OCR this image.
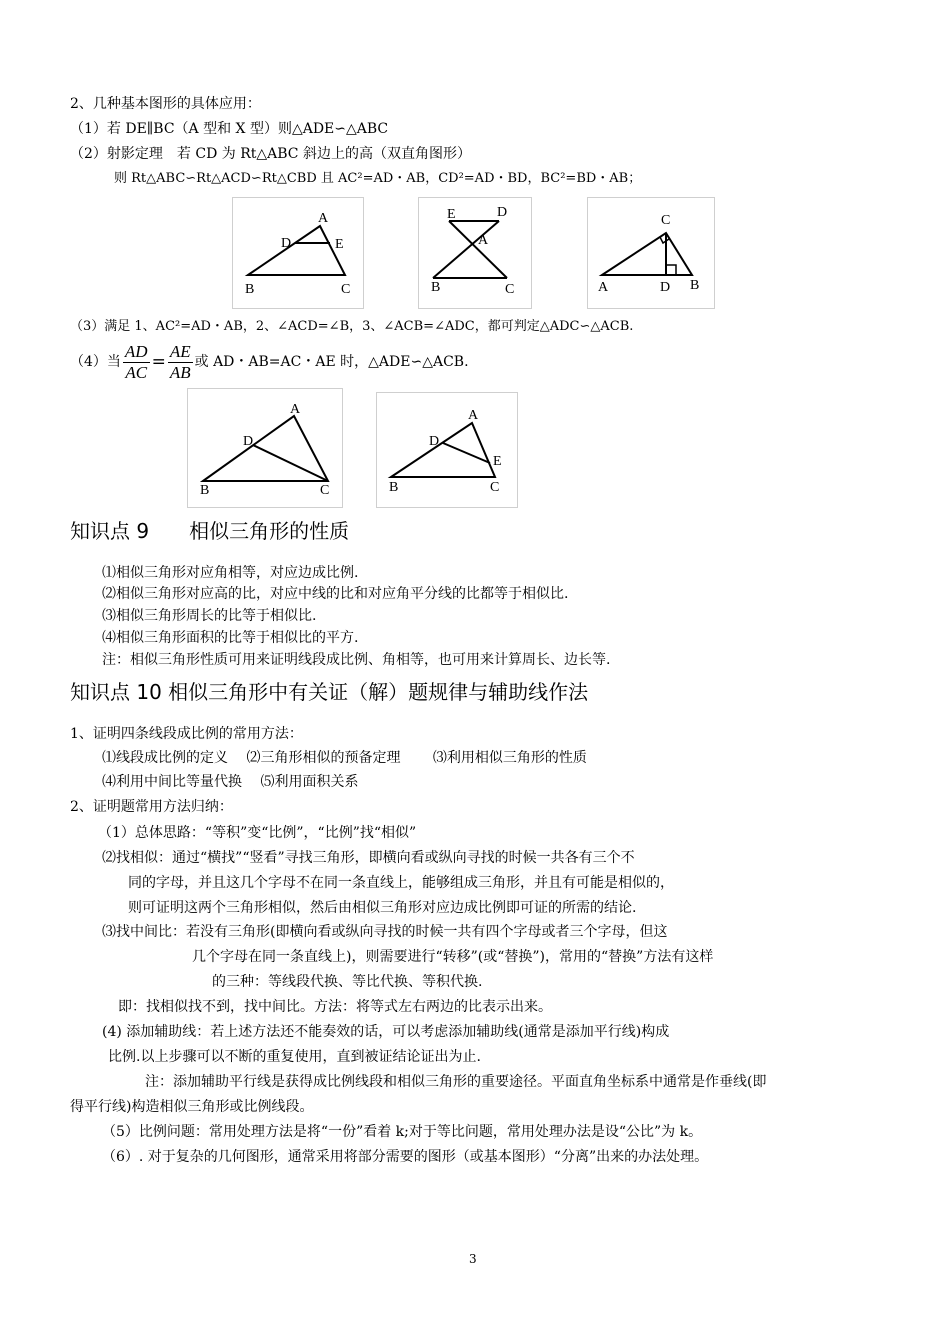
2、几种基本图形的具体应用：
（1）若 DE∥BC（A 型和 X 型）则△ADE∽△ABC
（2）射影定理　若 CD 为 Rt△ABC 斜边上的高（双直角图形）
则 Rt△ABC∽Rt△ACD∽Rt△CBD 且 AC²=AD・AB，CD²=AD・BD，BC²=BD・AB；
A
D	E
B	C
E	D
A
B	C
C
A	D B
（3）满足 1、AC²=AD・AB，2、∠ACD=∠B，3、∠ACB=∠ADC，都可判定△ADC∽△ACB.
（4）当 $\frac{AD}{AC} = \frac{AE}{AB}$ 或 AD・AB=AC・AE 时，△ADE∽△ACB.
A
D
B	C
A
D
E
B	C
知识点 9　　相似三角形的性质
⑴相似三角形对应角相等，对应边成比例.
⑵相似三角形对应高的比，对应中线的比和对应角平分线的比都等于相似比.
⑶相似三角形周长的比等于相似比.
⑷相似三角形面积的比等于相似比的平方.
注：相似三角形性质可用来证明线段成比例、角相等，也可用来计算周长、边长等.
知识点 10 相似三角形中有关证（解）题规律与辅助线作法
1、证明四条线段成比例的常用方法：
⑴线段成比例的定义　 ⑵三角形相似的预备定理　　 ⑶利用相似三角形的性质
⑷利用中间比等量代换　 ⑸利用面积关系
2、证明题常用方法归纳：
（1）总体思路：“等积”变“比例”，“比例”找“相似”
⑵找相似：通过“横找”“竖看”寻找三角形，即横向看或纵向寻找的时候一共各有三个不
同的字母，并且这几个字母不在同一条直线上，能够组成三角形，并且有可能是相似的，
则可证明这两个三角形相似，然后由相似三角形对应边成比例即可证的所需的结论.
⑶找中间比：若没有三角形(即横向看或纵向寻找的时候一共有四个字母或者三个字母，但这
几个字母在同一条直线上)，则需要进行“转移”(或“替换”)，常用的“替换”方法有这样
的三种：等线段代换、等比代换、等积代换.
即：找相似找不到，找中间比。方法：将等式左右两边的比表示出来。
(4) 添加辅助线：若上述方法还不能奏效的话，可以考虑添加辅助线(通常是添加平行线)构成
比例.以上步骤可以不断的重复使用，直到被证结论证出为止.
注：添加辅助平行线是获得成比例线段和相似三角形的重要途径。平面直角坐标系中通常是作垂线(即
得平行线)构造相似三角形或比例线段。
（5）比例问题：常用处理方法是将“一份”看着 k;对于等比问题，常用处理办法是设“公比”为 k。
（6）. 对于复杂的几何图形，通常采用将部分需要的图形（或基本图形）“分离”出来的办法处理。
3
